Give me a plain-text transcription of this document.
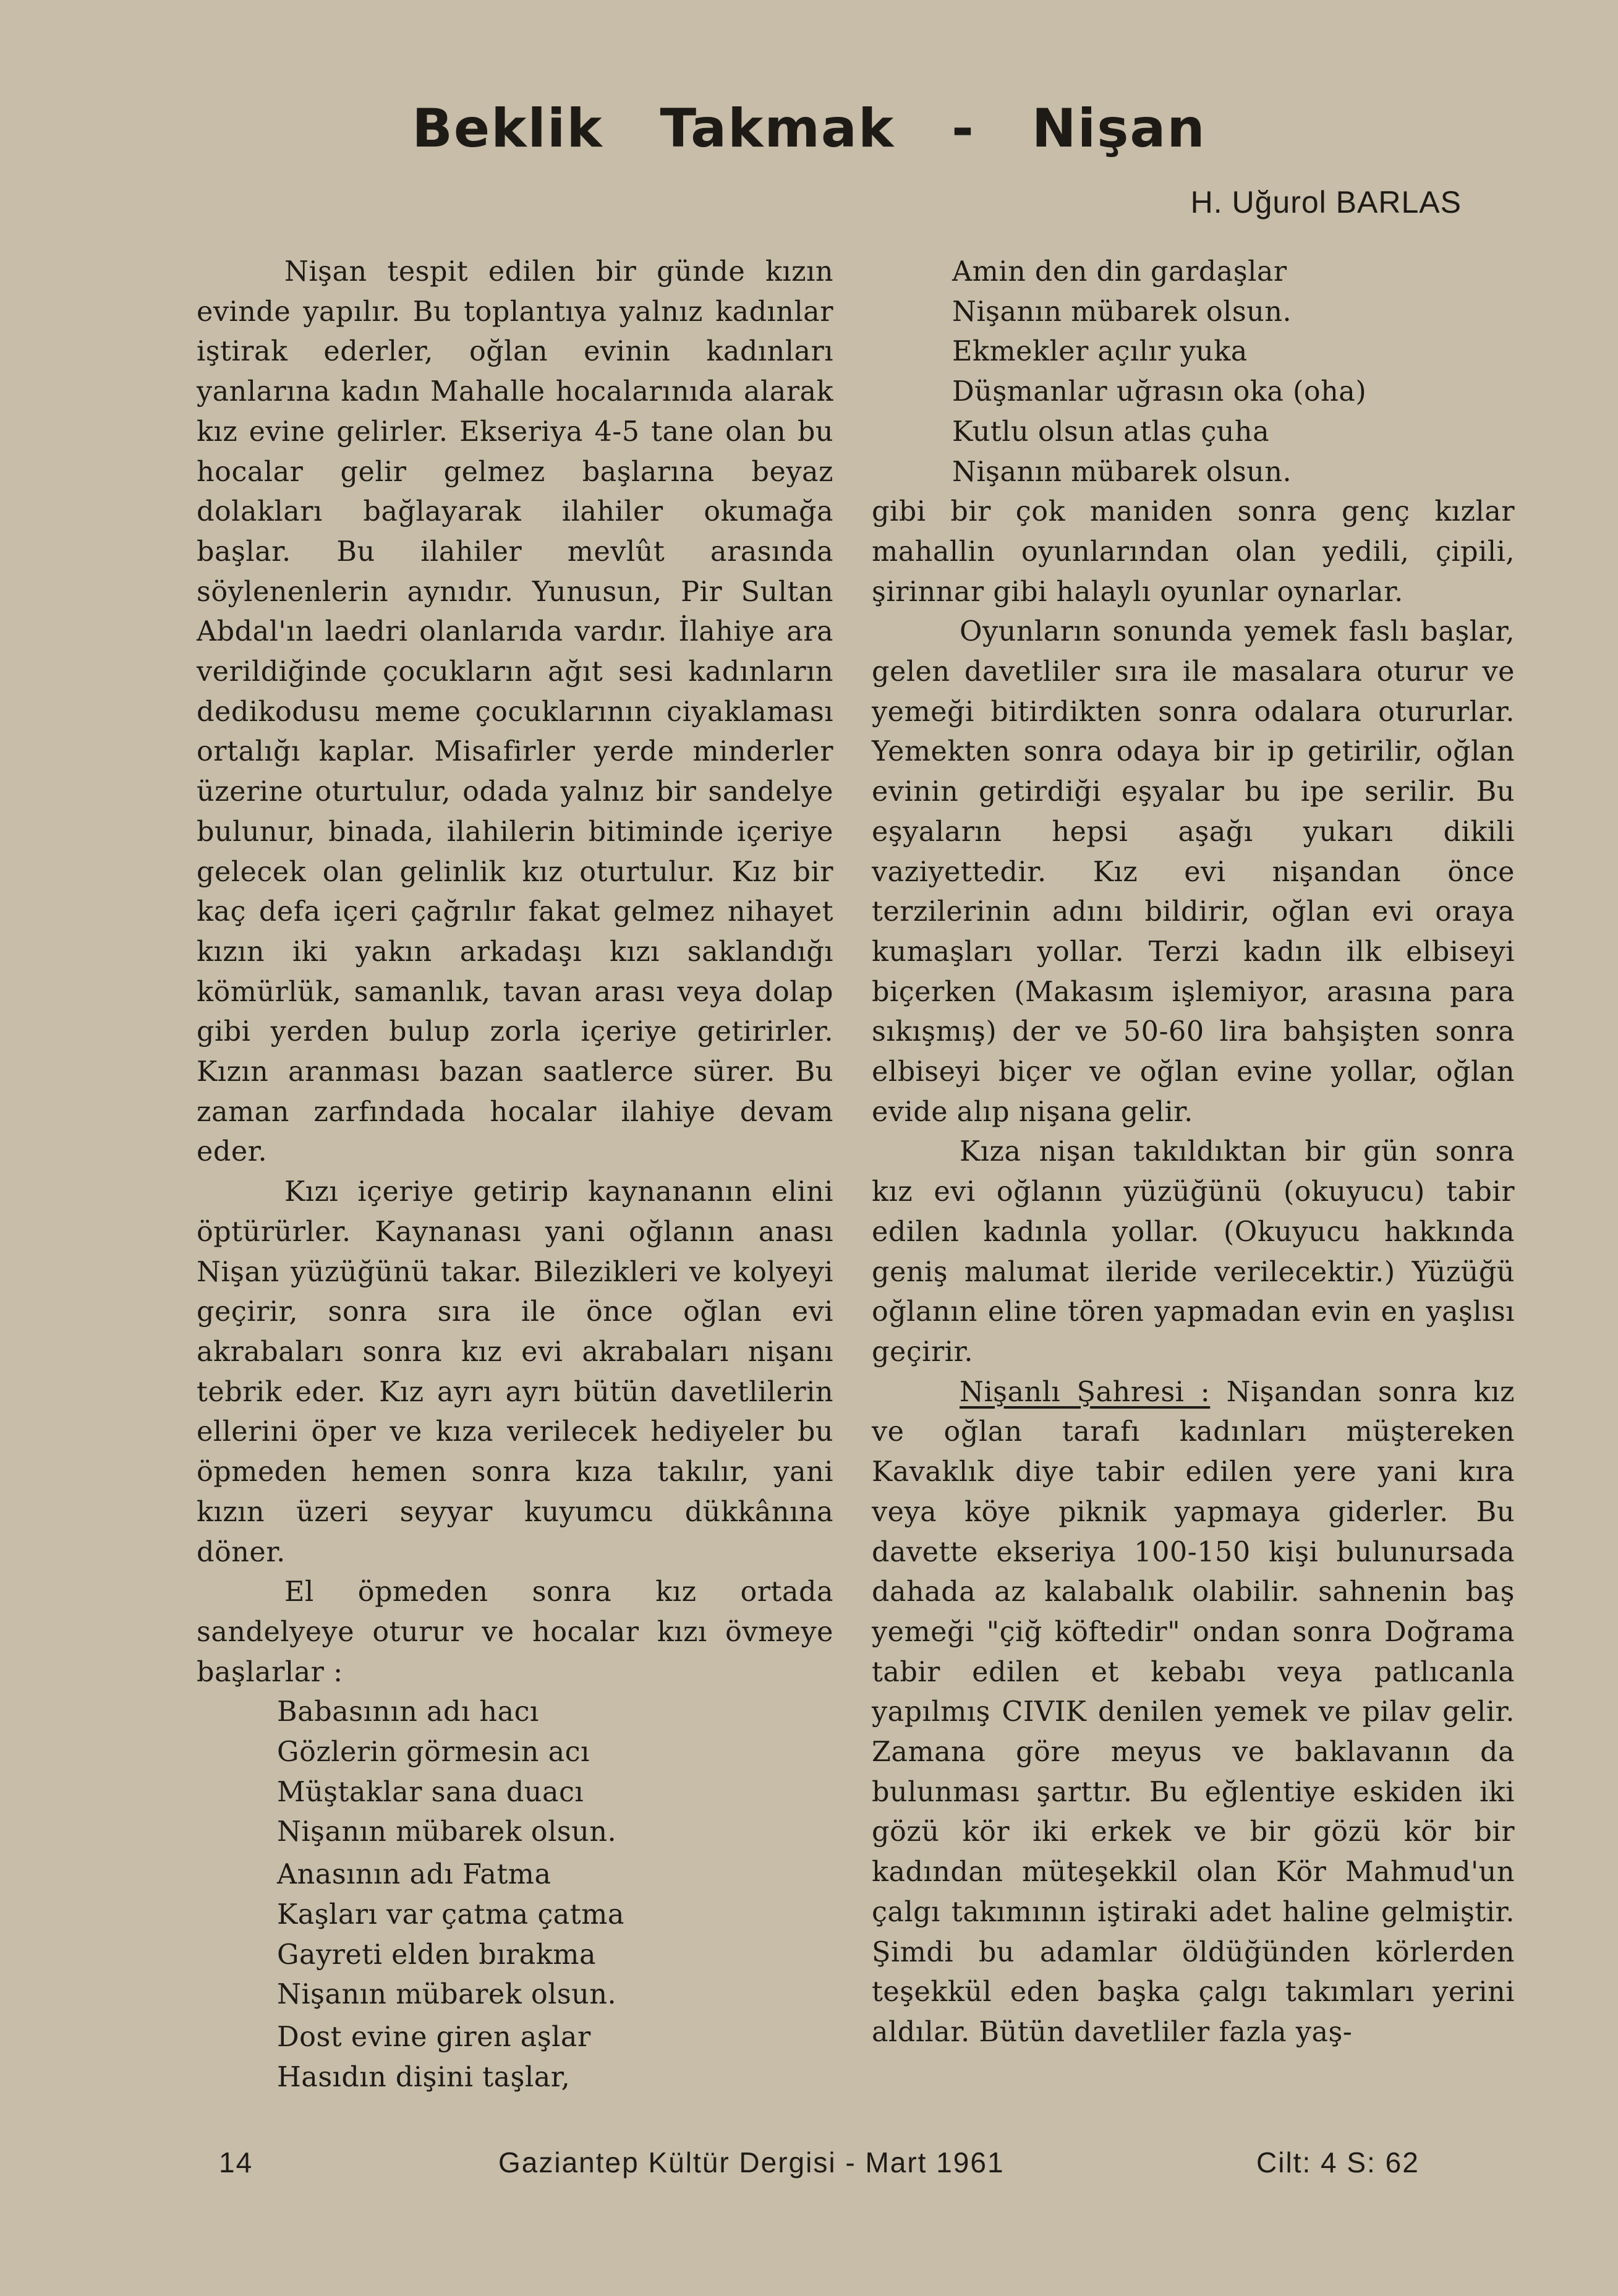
Beklik Takmak - Nişan
H. Uğurol BARLAS

Nişan tespit edilen bir günde kızın evinde yapılır. Bu toplantıya yalnız kadınlar iştirak ederler, oğlan evinin kadınları yanlarına kadın Mahalle hocalarınıda alarak kız evine gelirler. Ekseriya 4-5 tane olan bu hocalar gelir gelmez başlarına beyaz dolakları bağlayarak ilahiler okumağa başlar. Bu ilahiler mevlût arasında söylenenlerin aynıdır. Yunusun, Pir Sultan Abdal'ın laedri olanlarıda vardır. İlahiye ara verildiğinde çocukların ağıt sesi kadınların dedikodusu meme çocuklarının ciyaklaması ortalığı kaplar. Misafirler yerde minderler üzerine oturtulur, odada yalnız bir sandelye bulunur, binada, ilahilerin bitiminde içeriye gelecek olan gelinlik kız oturtulur. Kız bir kaç defa içeri çağrılır fakat gelmez nihayet kızın iki yakın arkadaşı kızı saklandığı kömürlük, samanlık, tavan arası veya dolap gibi yerden bulup zorla içeriye getirirler. Kızın aranması bazan saatlerce sürer. Bu zaman zarfındada hocalar ilahiye devam eder.

Kızı içeriye getirip kaynananın elini öptürürler. Kaynanası yani oğlanın anası Nişan yüzüğünü takar. Bilezikleri ve kolyeyi geçirir, sonra sıra ile önce oğlan evi akrabaları sonra kız evi akrabaları nişanı tebrik eder. Kız ayrı ayrı bütün davetlilerin ellerini öper ve kıza verilecek hediyeler bu öpmeden hemen sonra kıza takılır, yani kızın üzeri seyyar kuyumcu dükkânına döner.

El öpmeden sonra kız ortada sandelyeye oturur ve hocalar kızı övmeye başlarlar :

Babasının adı hacı
Gözlerin görmesin acı
Müştaklar sana duacı
Nişanın mübarek olsun.
Anasının adı Fatma
Kaşları var çatma çatma
Gayreti elden bırakma
Nişanın mübarek olsun.
Dost evine giren aşlar
Hasıdın dişini taşlar,
Amin den din gardaşlar
Nişanın mübarek olsun.
Ekmekler açılır yuka
Düşmanlar uğrasın oka (oha)
Kutlu olsun atlas çuha
Nişanın mübarek olsun.

gibi bir çok maniden sonra genç kızlar mahallin oyunlarından olan yedili, çipili, şirinnar gibi halaylı oyunlar oynarlar.

Oyunların sonunda yemek faslı başlar, gelen davetliler sıra ile masalara oturur ve yemeği bitirdikten sonra odalara otururlar. Yemekten sonra odaya bir ip getirilir, oğlan evinin getirdiği eşyalar bu ipe serilir. Bu eşyaların hepsi aşağı yukarı dikili vaziyettedir. Kız evi nişandan önce terzilerinin adını bildirir, oğlan evi oraya kumaşları yollar. Terzi kadın ilk elbiseyi biçerken (Makasım işlemiyor, arasına para sıkışmış) der ve 50-60 lira bahşişten sonra elbiseyi biçer ve oğlan evine yollar, oğlan evide alıp nişana gelir.

Kıza nişan takıldıktan bir gün sonra kız evi oğlanın yüzüğünü (okuyucu) tabir edilen kadınla yollar. (Okuyucu hakkında geniş malumat ileride verilecektir.) Yüzüğü oğlanın eline tören yapmadan evin en yaşlısı geçirir.

Nişanlı Şahresi : Nişandan sonra kız ve oğlan tarafı kadınları müştereken Kavaklık diye tabir edilen yere yani kıra veya köye piknik yapmaya giderler. Bu davette ekseriya 100-150 kişi bulunursada dahada az kalabalık olabilir. sahnenin baş yemeği "çiğ köftedir" ondan sonra Doğrama tabir edilen et kebabı veya patlıcanla yapılmış CIVIK denilen yemek ve pilav gelir. Zamana göre meyus ve baklavanın da bulunması şarttır. Bu eğlentiye eskiden iki gözü kör iki erkek ve bir gözü kör bir kadından müteşekkil olan Kör Mahmud'un çalgı takımının iştiraki adet haline gelmiştir. Şimdi bu adamlar öldüğünden körlerden teşekkül eden başka çalgı takımları yerini aldılar. Bütün davetliler fazla yaş-

14	Gaziantep Kültür Dergisi - Mart 1961	Cilt: 4 S: 62
